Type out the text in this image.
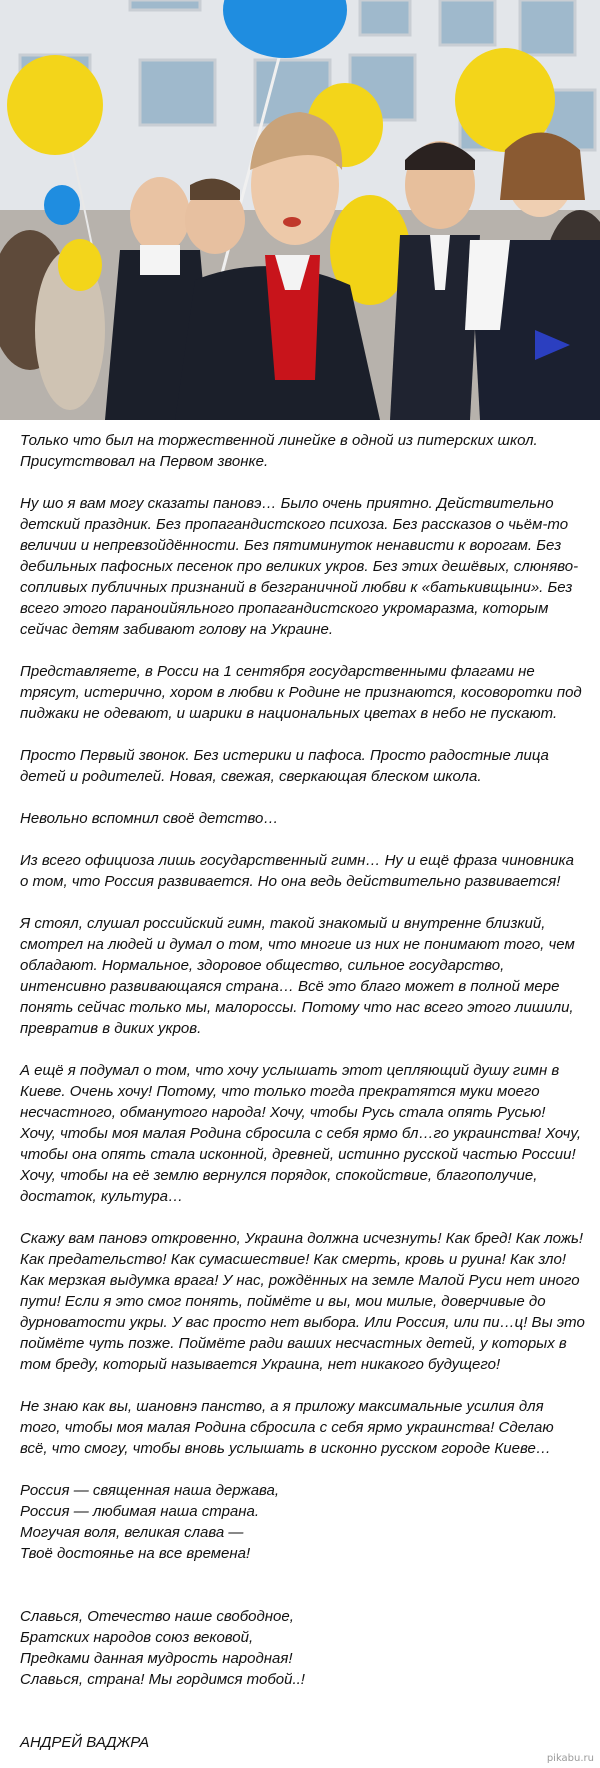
Только что был на торжественной линейке в одной из питерских школ. Присутствовал на Первом звонке.

Ну шо я вам могу сказаты пановэ… Было очень приятно. Действительно детский праздник. Без пропагандистского психоза. Без рассказов о чьём-то величии и непревзойдённости. Без пятиминуток ненависти к ворогам. Без дебильных пафосных песенок про великих укров. Без этих дешёвых, слюняво-сопливых публичных признаний в безграничной любви к «батькивщыни». Без всего этого параноийяльного пропагандистского укромаразма, которым сейчас детям забивают голову на Украине.

Представляете, в Росси на 1 сентября государственными флагами не трясут, истерично, хором в любви к Родине не признаются, косоворотки под пиджаки не одевают, и шарики в национальных цветах в небо не пускают.

Просто Первый звонок. Без истерики и пафоса. Просто радостные лица детей и родителей. Новая, свежая, сверкающая блеском школа.

Невольно вспомнил своё детство…

Из всего официоза лишь государственный гимн… Ну и ещё фраза чиновника о том, что Россия развивается. Но она ведь действительно развивается!

Я стоял, слушал российский гимн, такой знакомый и внутренне близкий, смотрел на людей и думал о том, что многие из них не понимают того, чем обладают. Нормальное, здоровое общество, сильное государство, интенсивно развивающаяся страна… Всё это благо может в полной мере понять сейчас только мы, малороссы. Потому что нас всего этого лишили, превратив в диких укров.

А ещё я подумал о том, что хочу услышать этот цепляющий душу гимн в Киеве. Очень хочу! Потому, что только тогда прекратятся муки моего несчастного, обманутого народа! Хочу, чтобы Русь стала опять Русью! Хочу, чтобы моя малая Родина сбросила с себя ярмо бл…го украинства! Хочу, чтобы она опять стала исконной, древней, истинно русской частью России! Хочу, чтобы на её землю вернулся порядок, спокойствие, благополучие, достаток, культура…

Скажу вам пановэ откровенно, Украина должна исчезнуть! Как бред! Как ложь! Как предательство! Как сумасшествие! Как смерть, кровь и руина! Как зло! Как мерзкая выдумка врага! У нас, рождённых на земле Малой Руси нет иного пути! Если я это смог понять, поймёте и вы, мои милые, доверчивые до дурноватости укры. У вас просто нет выбора. Или Россия, или пи…ц! Вы это поймёте чуть позже. Поймёте ради ваших несчастных детей, у которых в том бреду, который называется Украина, нет никакого будущего!

Не знаю как вы, шановнэ панство, а я приложу максимальные усилия для того, чтобы моя малая Родина сбросила с себя ярмо украинства! Сделаю всё, что смогу, чтобы вновь услышать в исконно русском городе Киеве…

Россия — священная наша держава,
Россия — любимая наша страна.
Могучая воля, великая слава —
Твоё достоянье на все времена!
Славься, Отечество наше свободное,
Братских народов союз вековой,
Предками данная мудрость народная!
Славься, страна! Мы гордимся тобой..!
АНДРЕЙ ВАДЖРА
pikabu.ru
